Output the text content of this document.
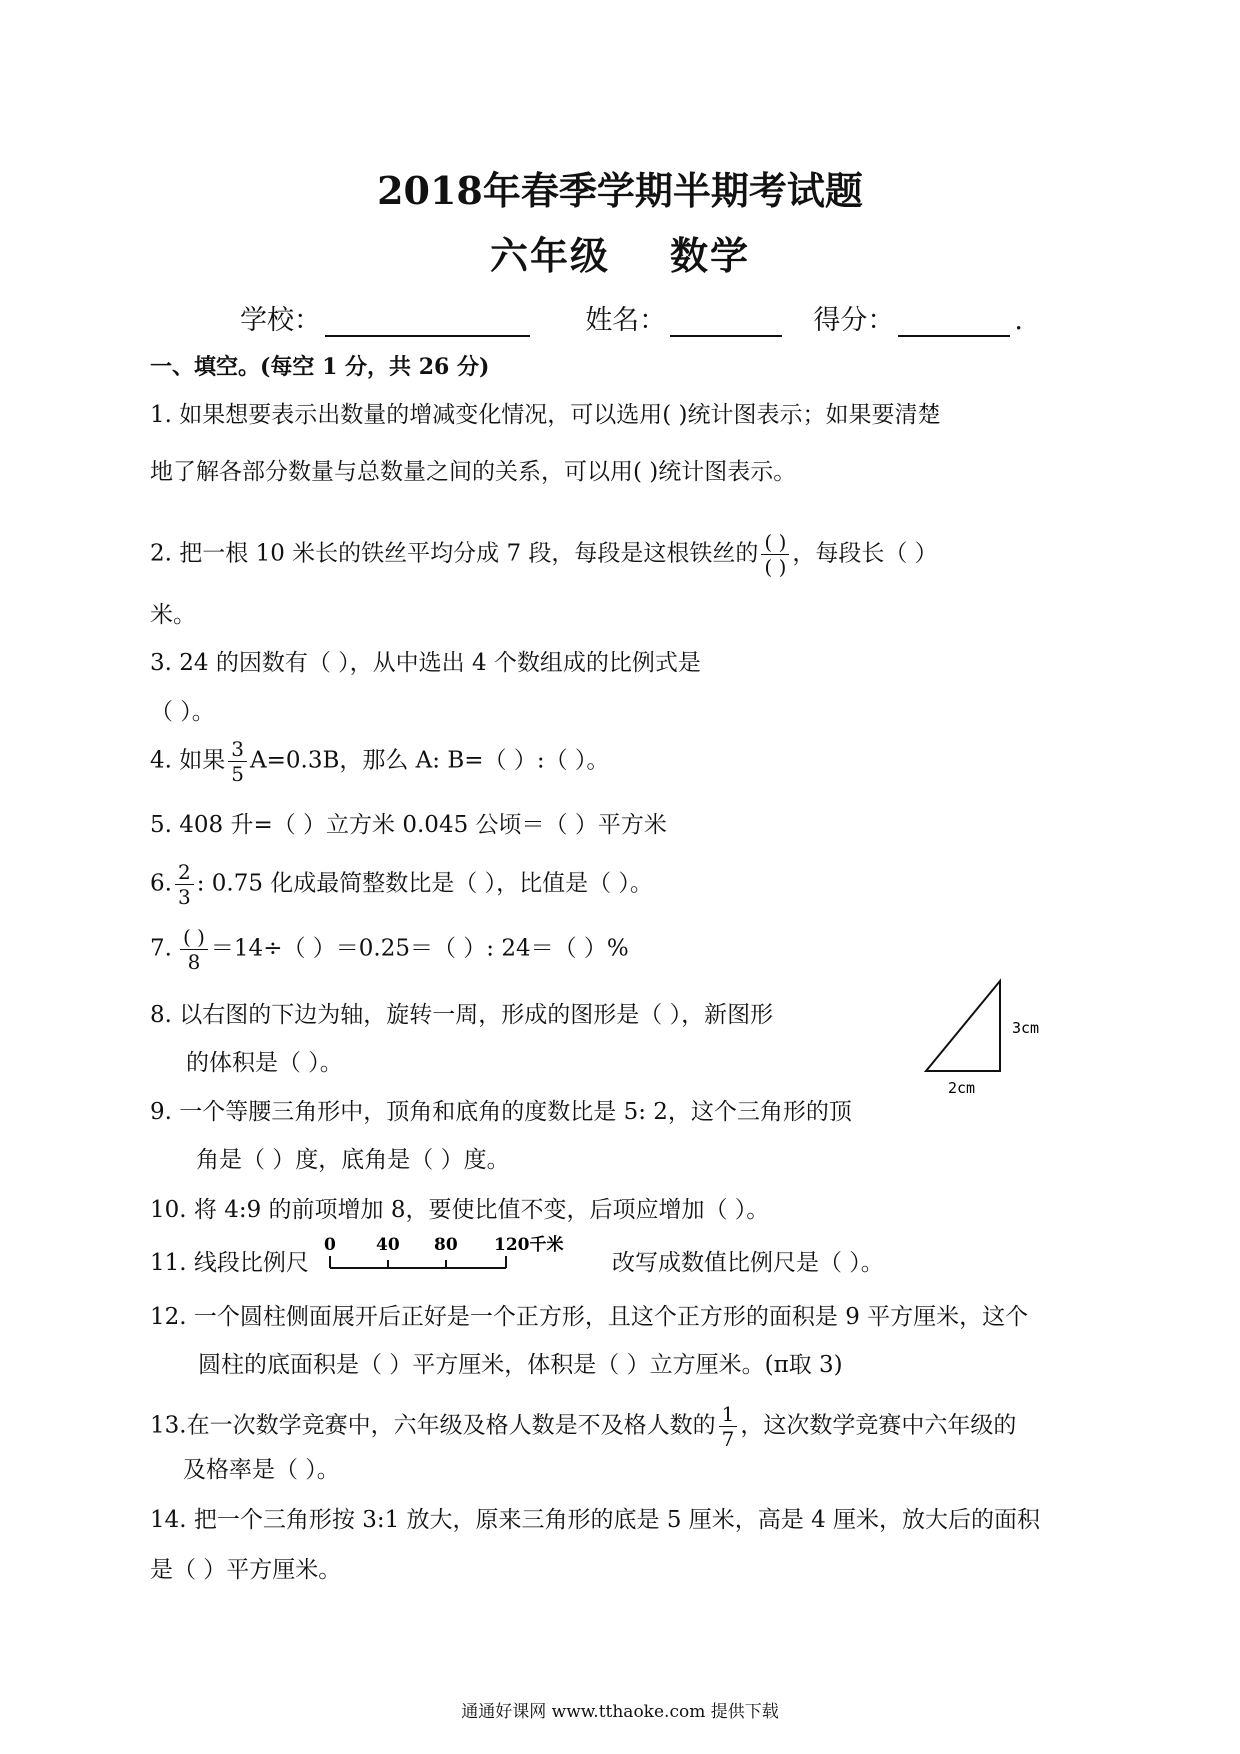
2018年春季学期半期考试题
六年级 数学
学校：	姓名：	得分：	.
一、填空。(每空 1 分，共 26 分)
1. 如果想要表示出数量的增减变化情况，可以选用( )统计图表示；如果要清楚
地了解各部分数量与总数量之间的关系，可以用( )统计图表示。
2. 把一根 10 米长的铁丝平均分成 7 段，每段是这根铁丝的 $\frac{( )}{( )}$ ，每段长（ ）
米。
3. 24 的因数有（ ），从中选出 4 个数组成的比例式是
（ ）。
4. 如果 $\frac{3}{5} A=0.3B$，那么 A: B=（ ）:（ ）。
5. 408 升=（ ）立方米 0.045 公顷＝（ ）平方米
6. $\frac{2}{3}$ : 0.75 化成最简整数比是（ ），比值是（ ）。
7. $\frac{( )}{8} =14\div$（ ）＝0.25＝（ ）: 24＝（ ）%
8. 以右图的下边为轴，旋转一周，形成的图形是（ ），新图形
的体积是（ ）。
3cm
2cm
9. 一个等腰三角形中，顶角和底角的度数比是 5: 2，这个三角形的顶
角是（ ）度，底角是（ ）度。
10. 将 4:9 的前项增加 8，要使比值不变，后项应增加（ ）。
11. 线段比例尺
0 40 80 120千米
改写成数值比例尺是（ ）。
12. 一个圆柱侧面展开后正好是一个正方形，且这个正方形的面积是 9 平方厘米，这个
圆柱的底面积是（ ）平方厘米，体积是（ ）立方厘米。(π取 3)
13.在一次数学竞赛中，六年级及格人数是不及格人数的 $\frac{1}{7}$ ，这次数学竞赛中六年级的
及格率是（ ）。
14. 把一个三角形按 3:1 放大，原来三角形的底是 5 厘米，高是 4 厘米，放大后的面积
是（ ）平方厘米。
通通好课网 www.tthaoke.com 提供下载
